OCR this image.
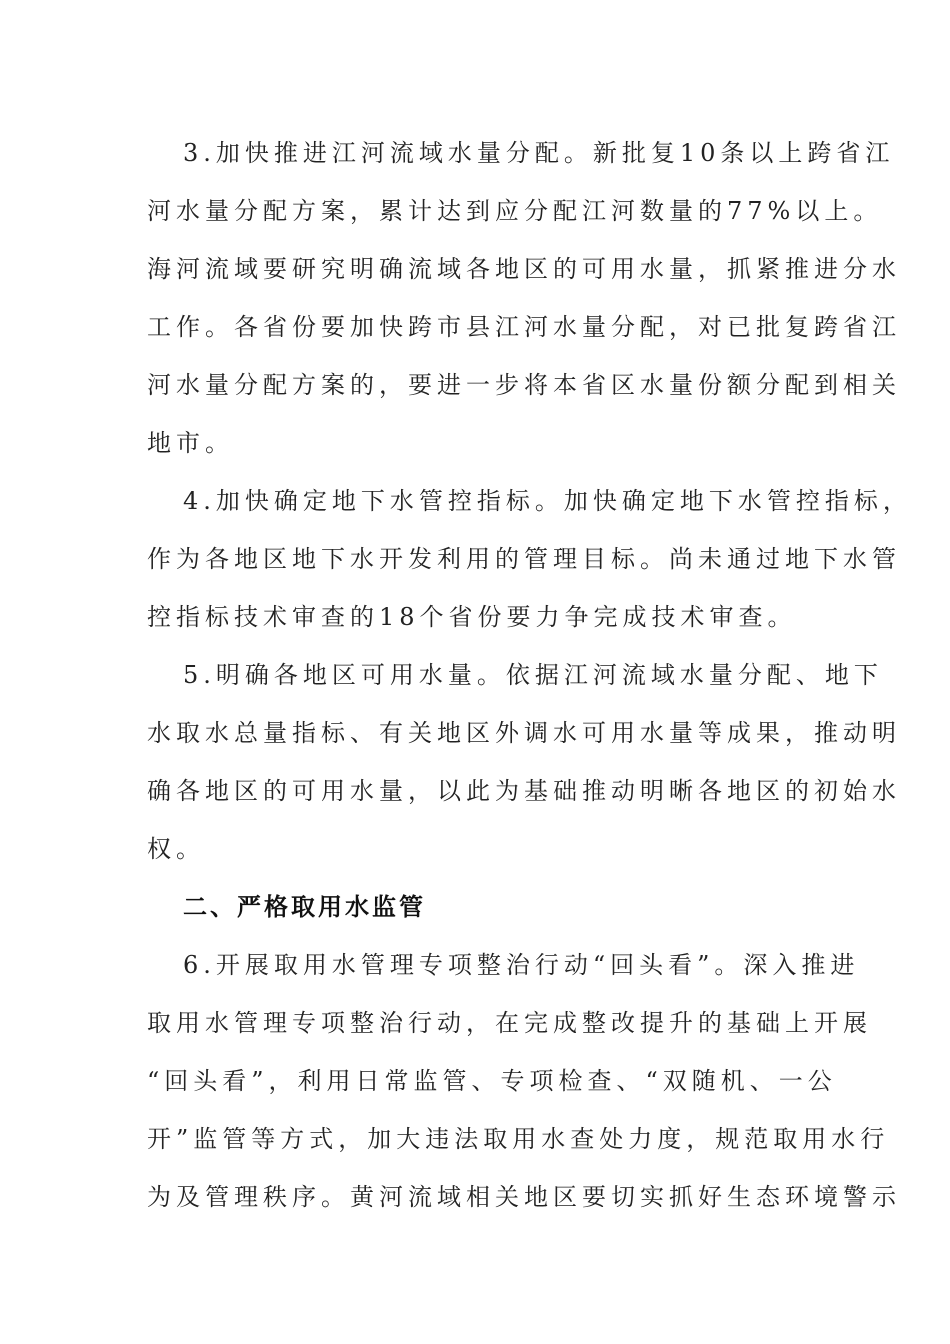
3.加快推进江河流域水量分配。新批复10条以上跨省江
河水量分配方案，累计达到应分配江河数量的77%以上。
海河流域要研究明确流域各地区的可用水量，抓紧推进分水
工作。各省份要加快跨市县江河水量分配，对已批复跨省江
河水量分配方案的，要进一步将本省区水量份额分配到相关
地市。
4.加快确定地下水管控指标。加快确定地下水管控指标，
作为各地区地下水开发利用的管理目标。尚未通过地下水管
控指标技术审查的18个省份要力争完成技术审查。
5.明确各地区可用水量。依据江河流域水量分配、地下
水取水总量指标、有关地区外调水可用水量等成果，推动明
确各地区的可用水量，以此为基础推动明晰各地区的初始水
权。
二、严格取用水监管
6.开展取用水管理专项整治行动“回头看”。深入推进
取用水管理专项整治行动，在完成整改提升的基础上开展
“回头看”，利用日常监管、专项检查、“双随机、一公
开”监管等方式，加大违法取用水查处力度，规范取用水行
为及管理秩序。黄河流域相关地区要切实抓好生态环境警示
